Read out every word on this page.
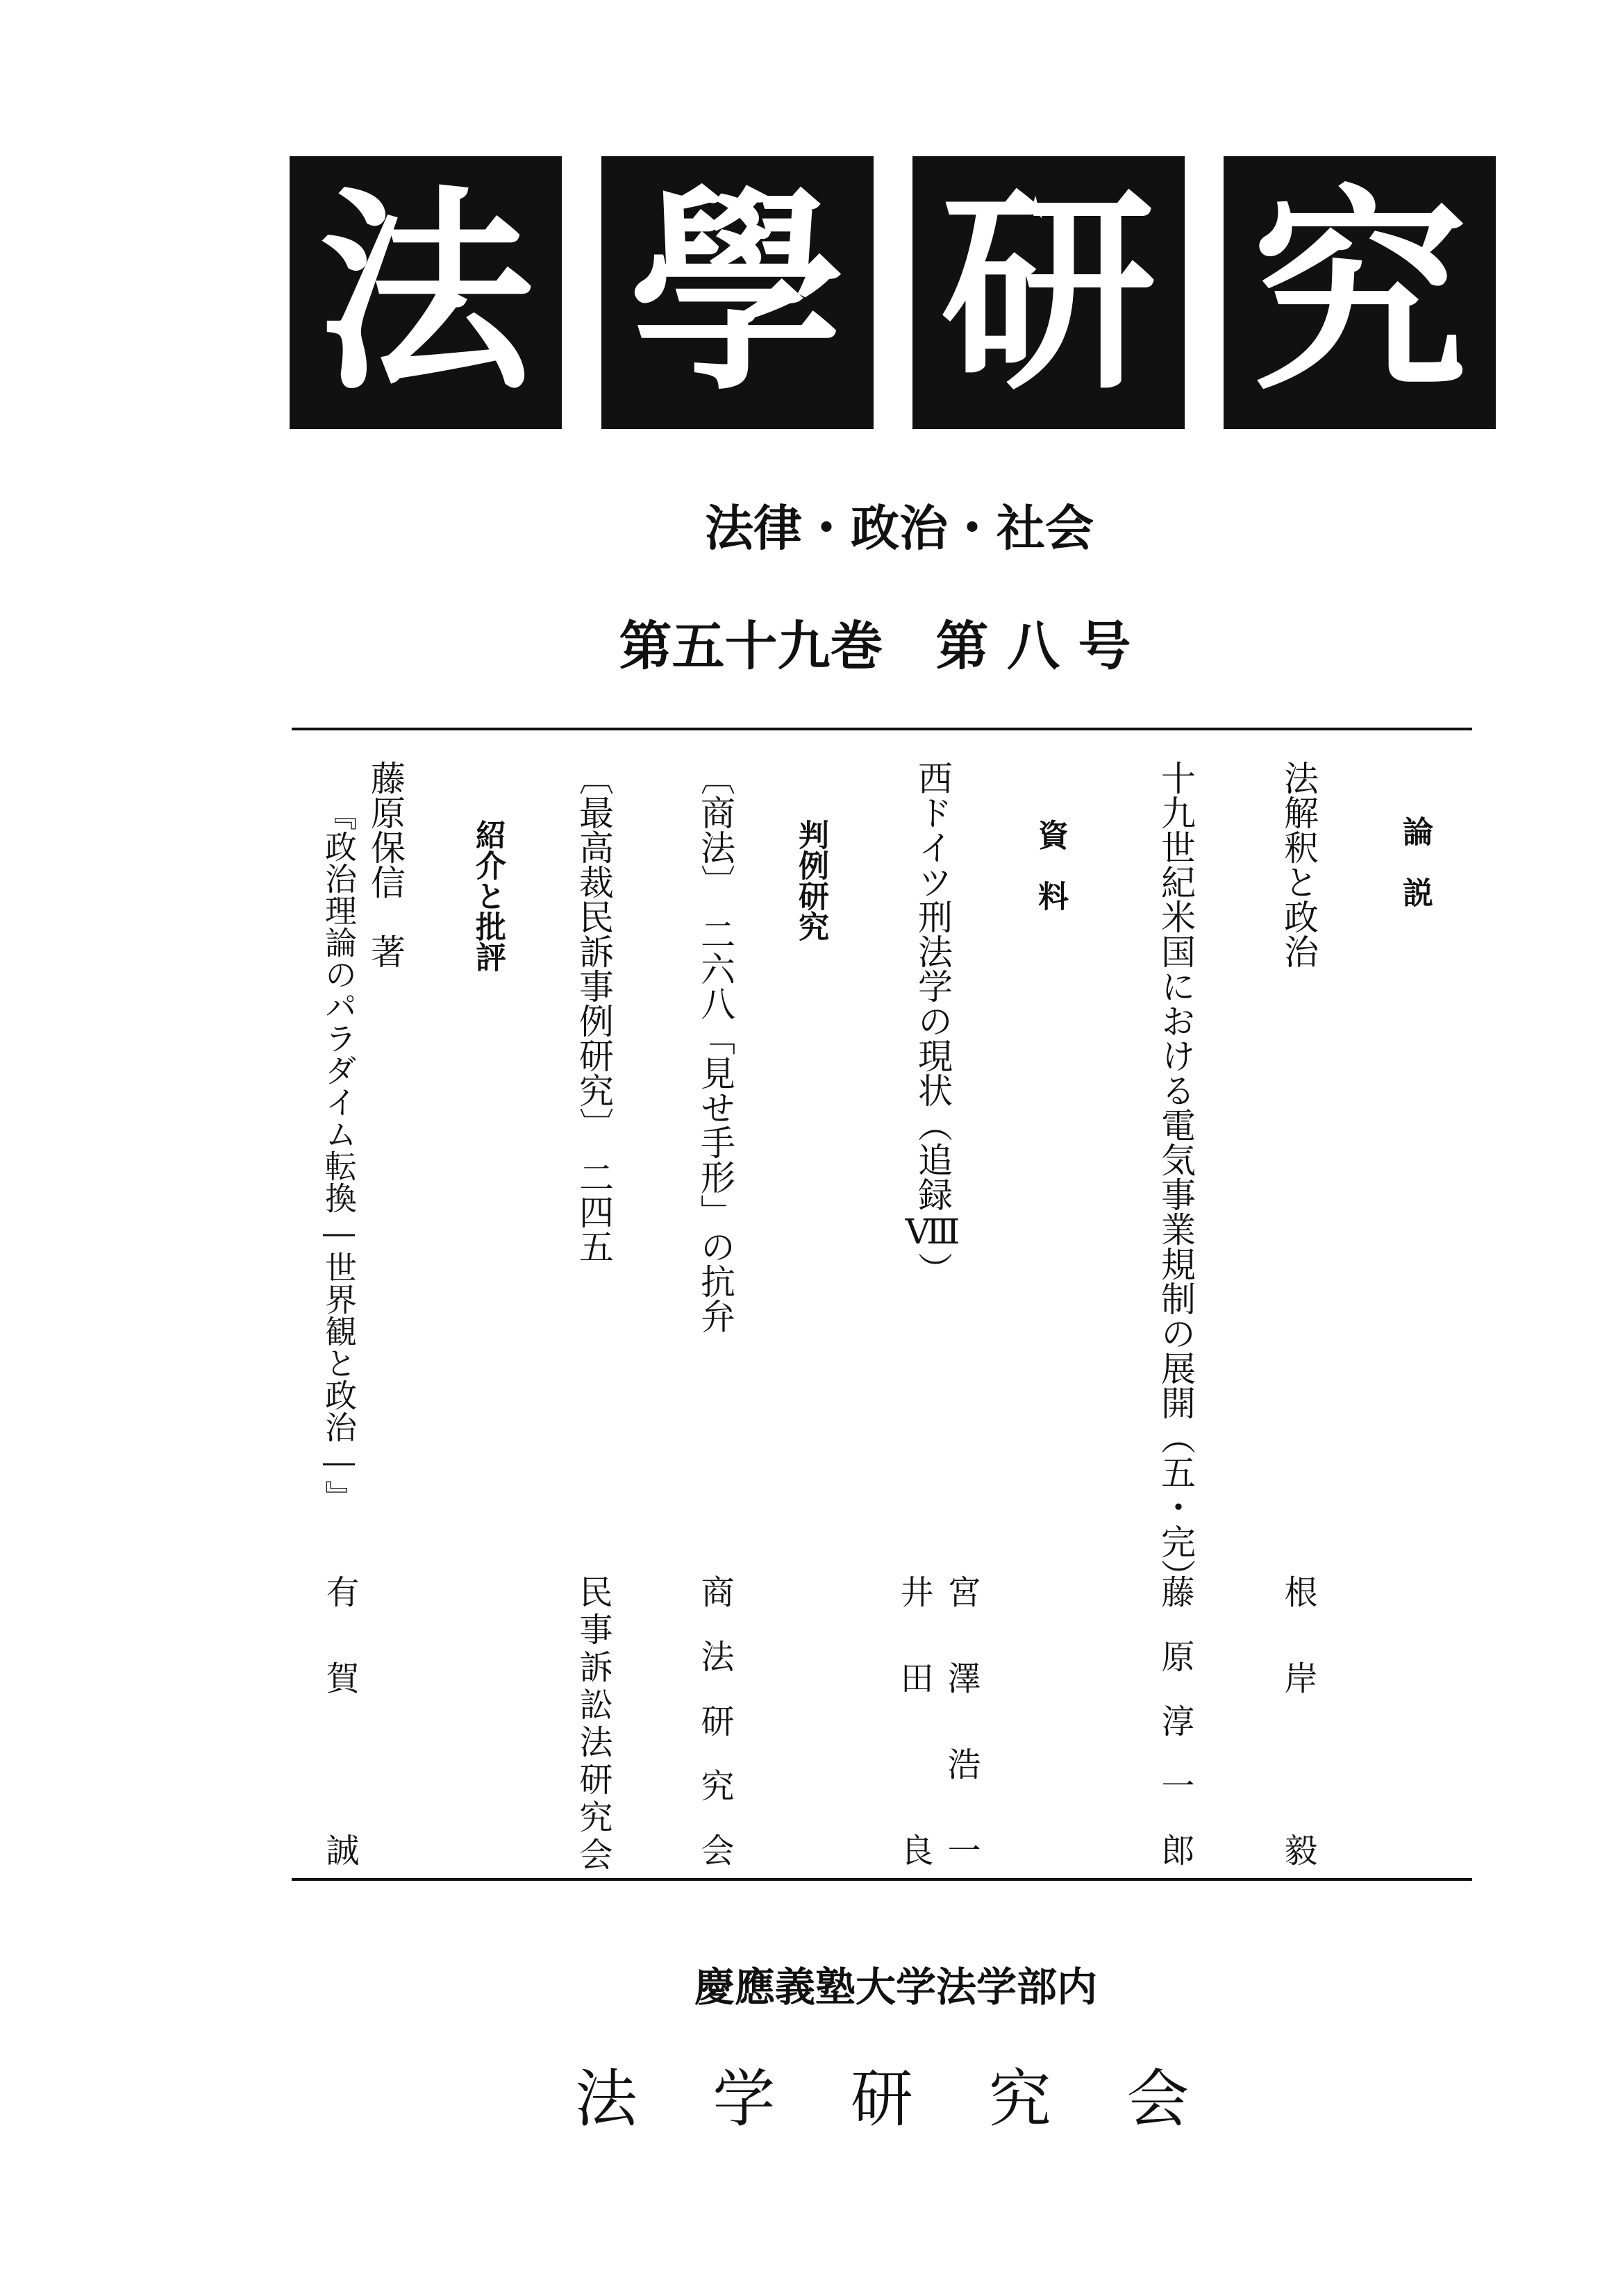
法 學 研 究
法律・政治・社会
第五十九巻　第 八 号
論　説
法解釈と政治
十九世紀米国における電気事業規制の展開（五・完）
資　料
西ドイツ刑法学の現状（追録Ⅷ）
判例研究
〔商法〕　二六八「見せ手形」の抗弁
〔最高裁民訴事例研究〕　二四五
紹介と批評
藤原保信　著
『政治理論のパラダイム転換―世界観と政治―』
根岸　毅
藤原淳一郎
宮澤浩一
井田　良
商法研究会
民事訴訟法研究会
有賀　誠
慶應義塾大学法学部内
法 学 研 究 会
